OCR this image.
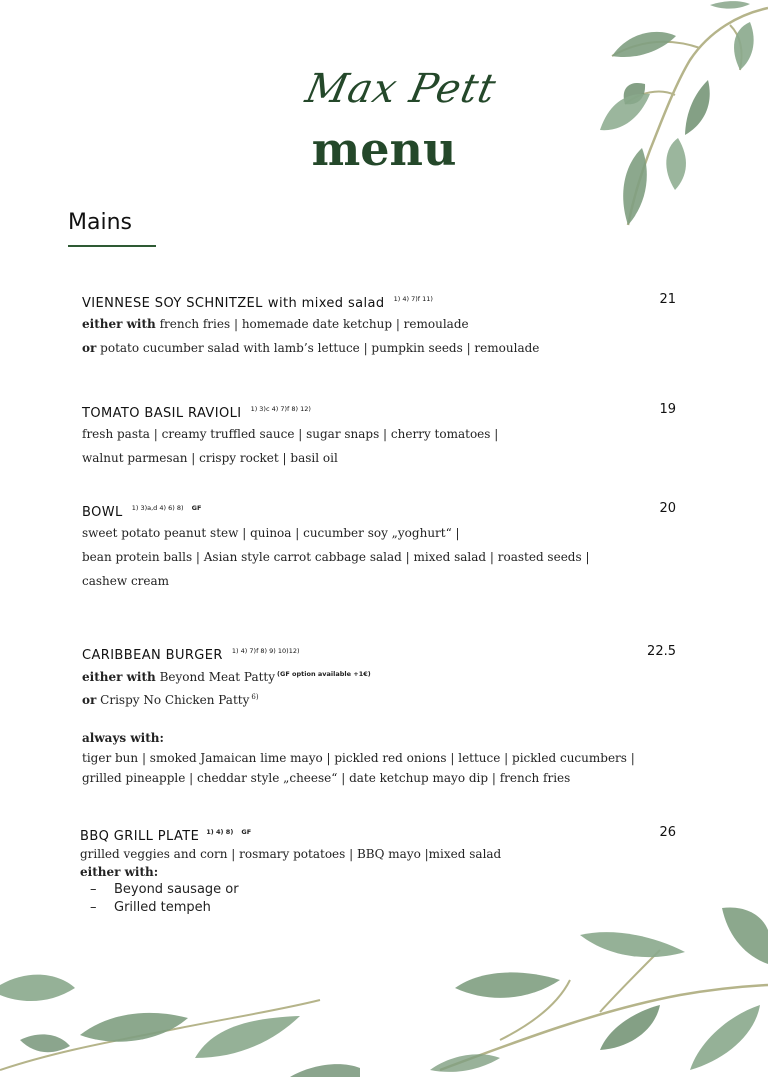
Max Pett
menu
Mains
VIENNESE SOY SCHNITZEL with mixed salad $^{1) 4) 7)f 11)}$	21
either with french fries | homemade date ketchup | remoulade
or potato cucumber salad with lamb’s lettuce | pumpkin seeds | remoulade
TOMATO BASIL RAVIOLI $^{1) 3)c 4) 7)f 8) 12)}$	19
fresh pasta | creamy truffled sauce | sugar snaps | cherry tomatoes |
walnut parmesan | crispy rocket | basil oil
BOWL $^{1) 3)a,d 4) 6) 8)}$ $^{GF}$	20
sweet potato peanut stew | quinoa | cucumber soy „yoghurt“ |
bean protein balls | Asian style carrot cabbage salad | mixed salad | roasted seeds |
cashew cream
CARIBBEAN BURGER $^{1) 4) 7)f 8) 9) 10)12)}$	22.5
either with Beyond Meat Patty $^{(GF option available +1€)}$
or Crispy No Chicken Patty $^{6)}$
always with:
tiger bun | smoked Jamaican lime mayo | pickled red onions | lettuce | pickled cucumbers |
grilled pineapple | cheddar style „cheese“ | date ketchup mayo dip | french fries
BBQ GRILL PLATE $^{1) 4) 8)}$ $^{GF}$	26
grilled veggies and corn | rosmary potatoes | BBQ mayo |mixed salad
either with:
– Beyond sausage or
– Grilled tempeh
